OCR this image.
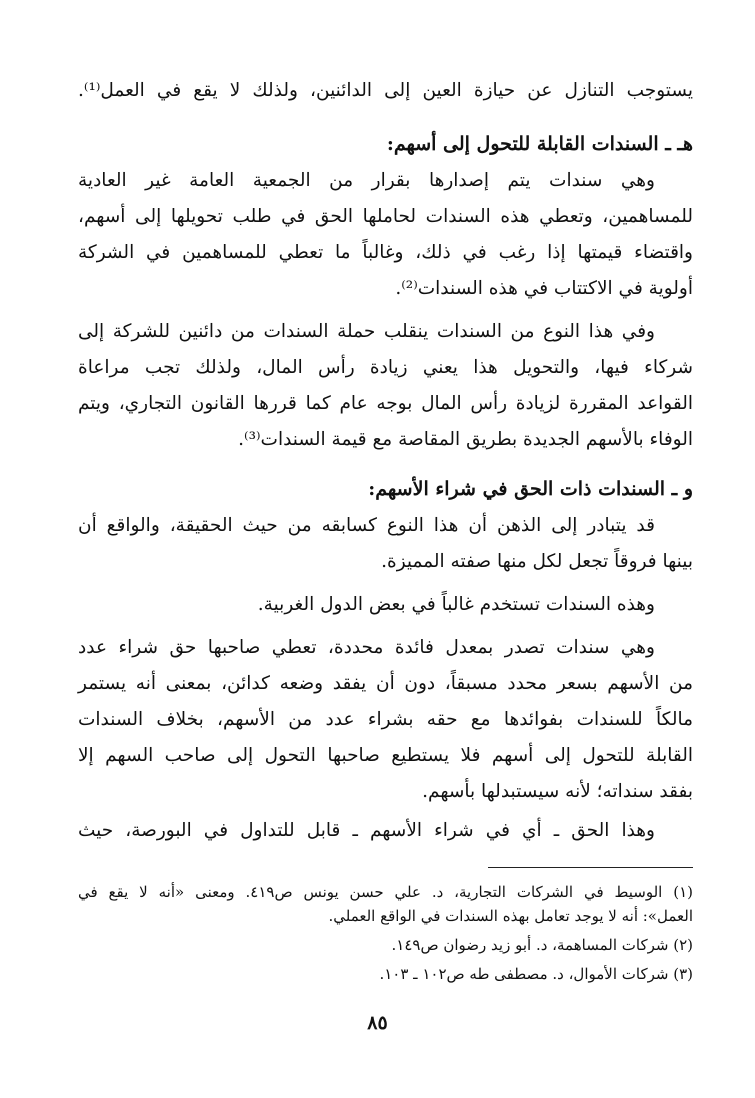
يستوجب التنازل عن حيازة العين إلى الدائنين، ولذلك لا يقع في العمل⁽¹⁾.
هـ ـ السندات القابلة للتحول إلى أسهم:
وهي سندات يتم إصدارها بقرار من الجمعية العامة غير العادية
للمساهمين، وتعطي هذه السندات لحاملها الحق في طلب تحويلها إلى أسهم،
واقتضاء قيمتها إذا رغب في ذلك، وغالباً ما تعطي للمساهمين في الشركة
أولوية في الاكتتاب في هذه السندات⁽²⁾.
وفي هذا النوع من السندات ينقلب حملة السندات من دائنين للشركة إلى
شركاء فيها، والتحويل هذا يعني زيادة رأس المال، ولذلك تجب مراعاة
القواعد المقررة لزيادة رأس المال بوجه عام كما قررها القانون التجاري، ويتم
الوفاء بالأسهم الجديدة بطريق المقاصة مع قيمة السندات⁽³⁾.
و ـ السندات ذات الحق في شراء الأسهم:
قد يتبادر إلى الذهن أن هذا النوع كسابقه من حيث الحقيقة، والواقع أن
بينها فروقاً تجعل لكل منها صفته المميزة.
وهذه السندات تستخدم غالباً في بعض الدول الغربية.
وهي سندات تصدر بمعدل فائدة محددة، تعطي صاحبها حق شراء عدد
من الأسهم بسعر محدد مسبقاً، دون أن يفقد وضعه كدائن، بمعنى أنه يستمر
مالكاً للسندات بفوائدها مع حقه بشراء عدد من الأسهم، بخلاف السندات
القابلة للتحول إلى أسهم فلا يستطيع صاحبها التحول إلى صاحب السهم إلا
بفقد سنداته؛ لأنه سيستبدلها بأسهم.
وهذا الحق ـ أي في شراء الأسهم ـ قابل للتداول في البورصة، حيث
(١) الوسيط في الشركات التجارية، د. علي حسن يونس ص٤١٩. ومعنى «أنه لا يقع في
العمل»: أنه لا يوجد تعامل بهذه السندات في الواقع العملي.
(٢) شركات المساهمة، د. أبو زيد رضوان ص١٤٩.
(٣) شركات الأموال، د. مصطفى طه ص١٠٢ ـ ١٠٣.
٨٥
